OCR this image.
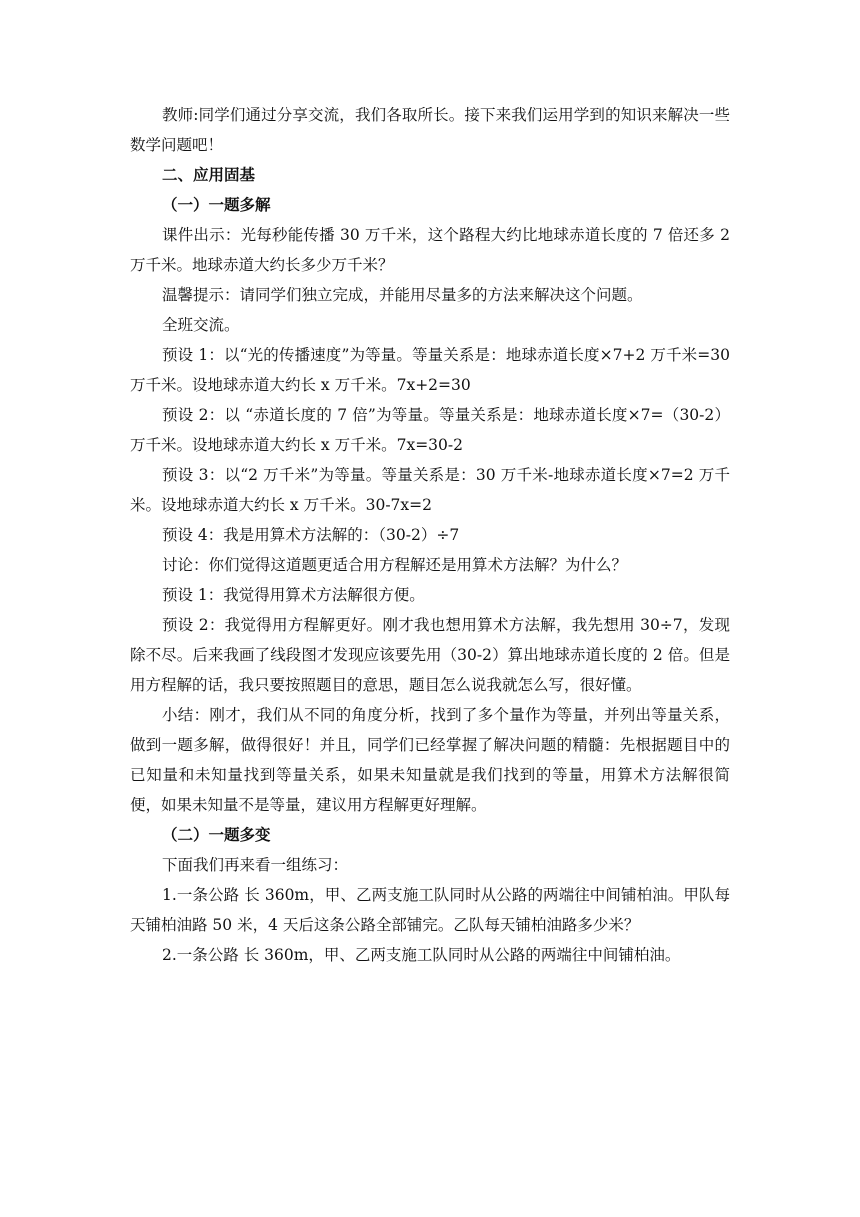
教师:同学们通过分享交流，我们各取所长。接下来我们运用学到的知识来解决一些数学问题吧！

二、应用固基

（一）一题多解

课件出示：光每秒能传播 30 万千米，这个路程大约比地球赤道长度的 7 倍还多 2 万千米。地球赤道大约长多少万千米？

温馨提示：请同学们独立完成，并能用尽量多的方法来解决这个问题。

全班交流。

预设 1：以“光的传播速度”为等量。等量关系是：地球赤道长度×7+2 万千米=30 万千米。设地球赤道大约长 x 万千米。7x+2=30

预设 2：以 “赤道长度的 7 倍”为等量。等量关系是：地球赤道长度×7=（30-2）万千米。设地球赤道大约长 x 万千米。7x=30-2

预设 3：以“2 万千米”为等量。等量关系是：30 万千米-地球赤道长度×7=2 万千米。设地球赤道大约长 x 万千米。30-7x=2

预设 4：我是用算术方法解的：（30-2）÷7

讨论：你们觉得这道题更适合用方程解还是用算术方法解？为什么？

预设 1：我觉得用算术方法解很方便。

预设 2：我觉得用方程解更好。刚才我也想用算术方法解，我先想用 30÷7，发现除不尽。后来我画了线段图才发现应该要先用（30-2）算出地球赤道长度的 2 倍。但是用方程解的话，我只要按照题目的意思，题目怎么说我就怎么写，很好懂。

小结：刚才，我们从不同的角度分析，找到了多个量作为等量，并列出等量关系，做到一题多解，做得很好！并且，同学们已经掌握了解决问题的精髓：先根据题目中的已知量和未知量找到等量关系，如果未知量就是我们找到的等量，用算术方法解很简便，如果未知量不是等量，建议用方程解更好理解。

（二）一题多变

下面我们再来看一组练习：

1.一条公路 长 360m，甲、乙两支施工队同时从公路的两端往中间铺柏油。甲队每天铺柏油路 50 米，4 天后这条公路全部铺完。乙队每天铺柏油路多少米？

2.一条公路 长 360m，甲、乙两支施工队同时从公路的两端往中间铺柏油。
